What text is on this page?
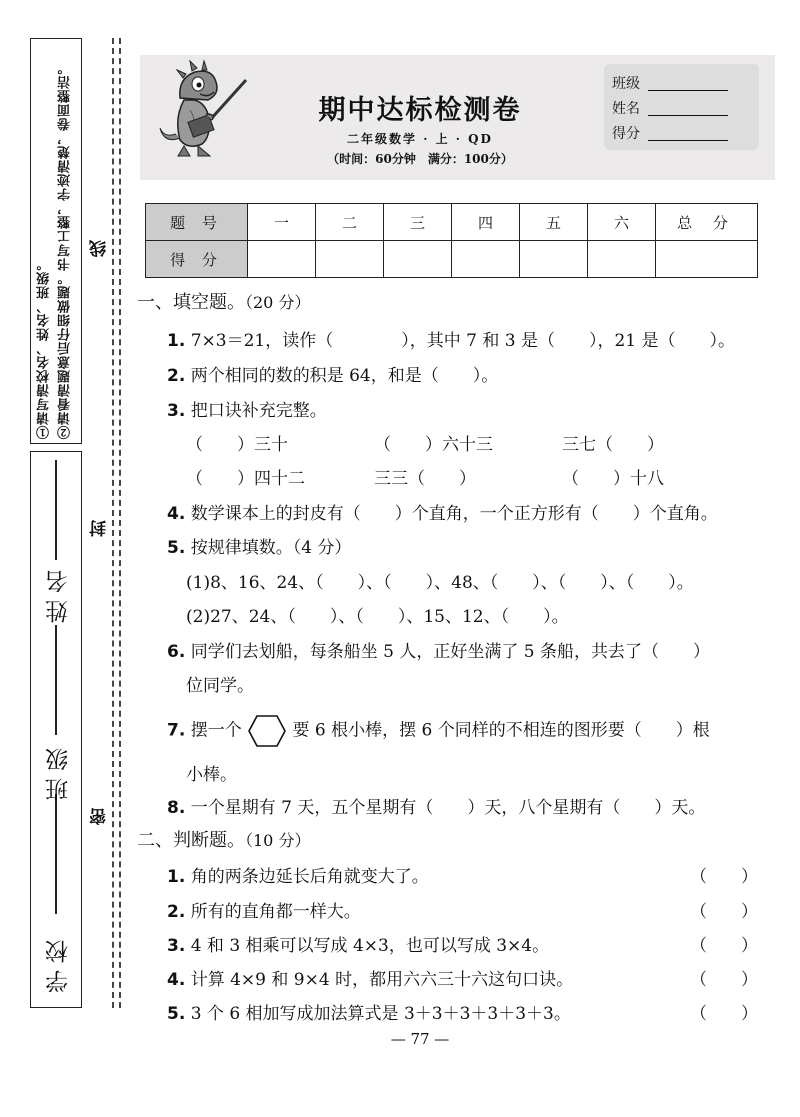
①请写清校名、姓名、班级。 ②请看清题意后仔细做题。书写工整，字迹清楚，卷面整洁。
学 校
班 级
姓 名
线
封
密
期中达标检测卷
二年级数学 · 上 · QD
（时间：60分钟　满分：100分）
班级
姓名
得分
题 号	一	二	三	四	五	六	总 分
得 分							
一、填空题。（20 分）
1. 7×3＝21，读作（　　　　），其中 7 和 3 是（　　），21 是（　　）。
2. 两个相同的数的积是 64，和是（　　）。
3. 把口诀补充完整。
（　　）三十	（　　）六十三	三七（　　）
（　　）四十二	三三（　　）	（　　）十八
4. 数学课本上的封皮有（　　）个直角，一个正方形有（　　）个直角。
5. 按规律填数。（4 分）
(1)8、16、24、（　　）、（　　）、48、（　　）、（　　）、（　　）。
(2)27、24、（　　）、（　　）、15、12、（　　）。
6. 同学们去划船，每条船坐 5 人，正好坐满了 5 条船，共去了（　　）
位同学。
7. 摆一个	要 6 根小棒，摆 6 个同样的不相连的图形要（　　）根
小棒。
8. 一个星期有 7 天，五个星期有（　　）天，八个星期有（　　）天。
二、判断题。（10 分）
1. 角的两条边延长后角就变大了。	（　　）
2. 所有的直角都一样大。	（　　）
3. 4 和 3 相乘可以写成 4×3，也可以写成 3×4。	（　　）
4. 计算 4×9 和 9×4 时，都用六六三十六这句口诀。	（　　）
5. 3 个 6 相加写成加法算式是 3＋3＋3＋3＋3＋3。	（　　）
— 77 —
